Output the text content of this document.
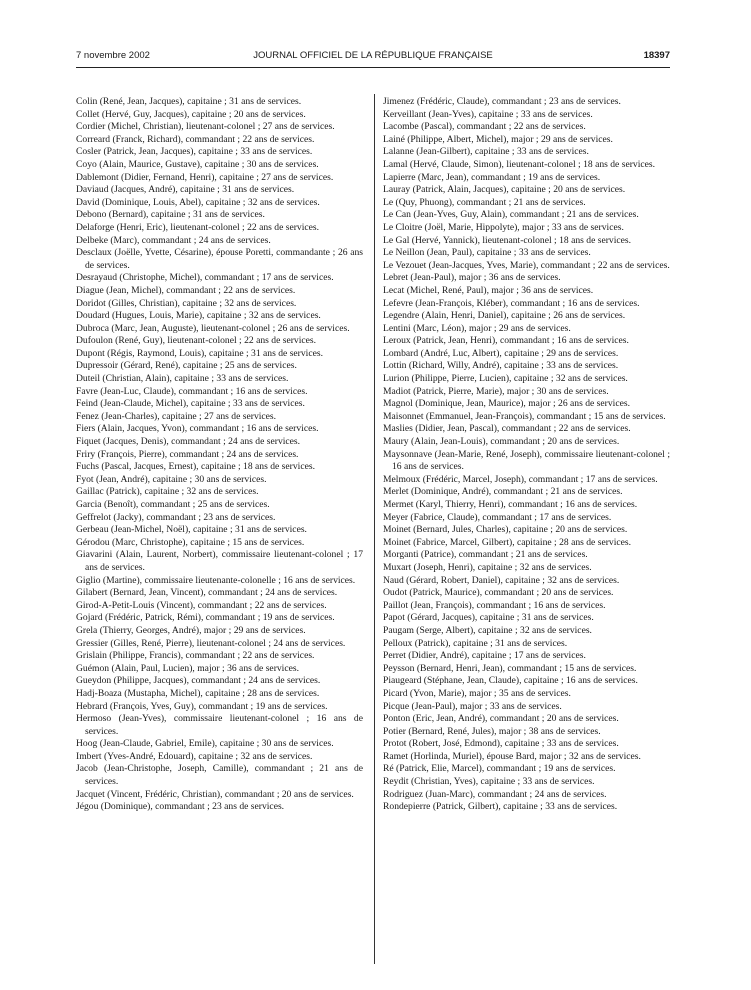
7 novembre 2002	JOURNAL OFFICIEL DE LA RÉPUBLIQUE FRANÇAISE	18397

Colin (René, Jean, Jacques), capitaine ; 31 ans de services.

Collet (Hervé, Guy, Jacques), capitaine ; 20 ans de services.

Cordier (Michel, Christian), lieutenant-colonel ; 27 ans de services.

Correard (Franck, Richard), commandant ; 22 ans de services.

Cosler (Patrick, Jean, Jacques), capitaine ; 33 ans de services.

Coyo (Alain, Maurice, Gustave), capitaine ; 30 ans de services.

Dablemont (Didier, Fernand, Henri), capitaine ; 27 ans de services.

Daviaud (Jacques, André), capitaine ; 31 ans de services.

David (Dominique, Louis, Abel), capitaine ; 32 ans de services.

Debono (Bernard), capitaine ; 31 ans de services.

Delaforge (Henri, Eric), lieutenant-colonel ; 22 ans de services.

Delbeke (Marc), commandant ; 24 ans de services.

Desclaux (Joëlle, Yvette, Césarine), épouse Poretti, commandante ; 26 ans de services.

Desrayaud (Christophe, Michel), commandant ; 17 ans de services.

Diague (Jean, Michel), commandant ; 22 ans de services.

Doridot (Gilles, Christian), capitaine ; 32 ans de services.

Doudard (Hugues, Louis, Marie), capitaine ; 32 ans de services.

Dubroca (Marc, Jean, Auguste), lieutenant-colonel ; 26 ans de services.

Dufoulon (René, Guy), lieutenant-colonel ; 22 ans de services.

Dupont (Régis, Raymond, Louis), capitaine ; 31 ans de services.

Dupressoir (Gérard, René), capitaine ; 25 ans de services.

Duteil (Christian, Alain), capitaine ; 33 ans de services.

Favre (Jean-Luc, Claude), commandant ; 16 ans de services.

Feind (Jean-Claude, Michel), capitaine ; 33 ans de services.

Fenez (Jean-Charles), capitaine ; 27 ans de services.

Fiers (Alain, Jacques, Yvon), commandant ; 16 ans de services.

Fiquet (Jacques, Denis), commandant ; 24 ans de services.

Friry (François, Pierre), commandant ; 24 ans de services.

Fuchs (Pascal, Jacques, Ernest), capitaine ; 18 ans de services.

Fyot (Jean, André), capitaine ; 30 ans de services.

Gaillac (Patrick), capitaine ; 32 ans de services.

Garcia (Benoît), commandant ; 25 ans de services.

Geffrelot (Jacky), commandant ; 23 ans de services.

Gerbeau (Jean-Michel, Noël), capitaine ; 31 ans de services.

Gérodou (Marc, Christophe), capitaine ; 15 ans de services.

Giavarini (Alain, Laurent, Norbert), commissaire lieutenant-colonel ; 17 ans de services.

Giglio (Martine), commissaire lieutenante-colonelle ; 16 ans de services.

Gilabert (Bernard, Jean, Vincent), commandant ; 24 ans de services.

Girod-A-Petit-Louis (Vincent), commandant ; 22 ans de services.

Gojard (Frédéric, Patrick, Rémi), commandant ; 19 ans de services.

Grela (Thierry, Georges, André), major ; 29 ans de services.

Gressier (Gilles, René, Pierre), lieutenant-colonel ; 24 ans de services.

Grislain (Philippe, Francis), commandant ; 22 ans de services.

Guémon (Alain, Paul, Lucien), major ; 36 ans de services.

Gueydon (Philippe, Jacques), commandant ; 24 ans de services.

Hadj-Boaza (Mustapha, Michel), capitaine ; 28 ans de services.

Hebrard (François, Yves, Guy), commandant ; 19 ans de services.

Hermoso (Jean-Yves), commissaire lieutenant-colonel ; 16 ans de services.

Hoog (Jean-Claude, Gabriel, Emile), capitaine ; 30 ans de services.

Imbert (Yves-André, Edouard), capitaine ; 32 ans de services.

Jacob (Jean-Christophe, Joseph, Camille), commandant ; 21 ans de services.

Jacquet (Vincent, Frédéric, Christian), commandant ; 20 ans de services.

Jégou (Dominique), commandant ; 23 ans de services.

Jimenez (Frédéric, Claude), commandant ; 23 ans de services.

Kerveillant (Jean-Yves), capitaine ; 33 ans de services.

Lacombe (Pascal), commandant ; 22 ans de services.

Lainé (Philippe, Albert, Michel), major ; 29 ans de services.

Lalanne (Jean-Gilbert), capitaine ; 33 ans de services.

Lamal (Hervé, Claude, Simon), lieutenant-colonel ; 18 ans de services.

Lapierre (Marc, Jean), commandant ; 19 ans de services.

Lauray (Patrick, Alain, Jacques), capitaine ; 20 ans de services.

Le (Quy, Phuong), commandant ; 21 ans de services.

Le Can (Jean-Yves, Guy, Alain), commandant ; 21 ans de services.

Le Cloitre (Joël, Marie, Hippolyte), major ; 33 ans de services.

Le Gal (Hervé, Yannick), lieutenant-colonel ; 18 ans de services.

Le Neillon (Jean, Paul), capitaine ; 33 ans de services.

Le Vezouet (Jean-Jacques, Yves, Marie), commandant ; 22 ans de services.

Lebret (Jean-Paul), major ; 36 ans de services.

Lecat (Michel, René, Paul), major ; 36 ans de services.

Lefevre (Jean-François, Kléber), commandant ; 16 ans de services.

Legendre (Alain, Henri, Daniel), capitaine ; 26 ans de services.

Lentini (Marc, Léon), major ; 29 ans de services.

Leroux (Patrick, Jean, Henri), commandant ; 16 ans de services.

Lombard (André, Luc, Albert), capitaine ; 29 ans de services.

Lottin (Richard, Willy, André), capitaine ; 33 ans de services.

Lurion (Philippe, Pierre, Lucien), capitaine ; 32 ans de services.

Madiot (Patrick, Pierre, Marie), major ; 30 ans de services.

Magnol (Dominique, Jean, Maurice), major ; 26 ans de services.

Maisonnet (Emmanuel, Jean-François), commandant ; 15 ans de services.

Maslies (Didier, Jean, Pascal), commandant ; 22 ans de services.

Maury (Alain, Jean-Louis), commandant ; 20 ans de services.

Maysonnave (Jean-Marie, René, Joseph), commissaire lieutenant-colonel ; 16 ans de services.

Melmoux (Frédéric, Marcel, Joseph), commandant ; 17 ans de services.

Merlet (Dominique, André), commandant ; 21 ans de services.

Mermet (Karyl, Thierry, Henri), commandant ; 16 ans de services.

Meyer (Fabrice, Claude), commandant ; 17 ans de services.

Moinet (Bernard, Jules, Charles), capitaine ; 20 ans de services.

Moinet (Fabrice, Marcel, Gilbert), capitaine ; 28 ans de services.

Morganti (Patrice), commandant ; 21 ans de services.

Muxart (Joseph, Henri), capitaine ; 32 ans de services.

Naud (Gérard, Robert, Daniel), capitaine ; 32 ans de services.

Oudot (Patrick, Maurice), commandant ; 20 ans de services.

Paillot (Jean, François), commandant ; 16 ans de services.

Papot (Gérard, Jacques), capitaine ; 31 ans de services.

Paugam (Serge, Albert), capitaine ; 32 ans de services.

Pelloux (Patrick), capitaine ; 31 ans de services.

Perret (Didier, André), capitaine ; 17 ans de services.

Peysson (Bernard, Henri, Jean), commandant ; 15 ans de services.

Piaugeard (Stéphane, Jean, Claude), capitaine ; 16 ans de services.

Picard (Yvon, Marie), major ; 35 ans de services.

Picque (Jean-Paul), major ; 33 ans de services.

Ponton (Eric, Jean, André), commandant ; 20 ans de services.

Potier (Bernard, René, Jules), major ; 38 ans de services.

Protot (Robert, José, Edmond), capitaine ; 33 ans de services.

Ramet (Horlinda, Muriel), épouse Bard, major ; 32 ans de services.

Ré (Patrick, Elie, Marcel), commandant ; 19 ans de services.

Reydit (Christian, Yves), capitaine ; 33 ans de services.

Rodriguez (Juan-Marc), commandant ; 24 ans de services.

Rondepierre (Patrick, Gilbert), capitaine ; 33 ans de services.
